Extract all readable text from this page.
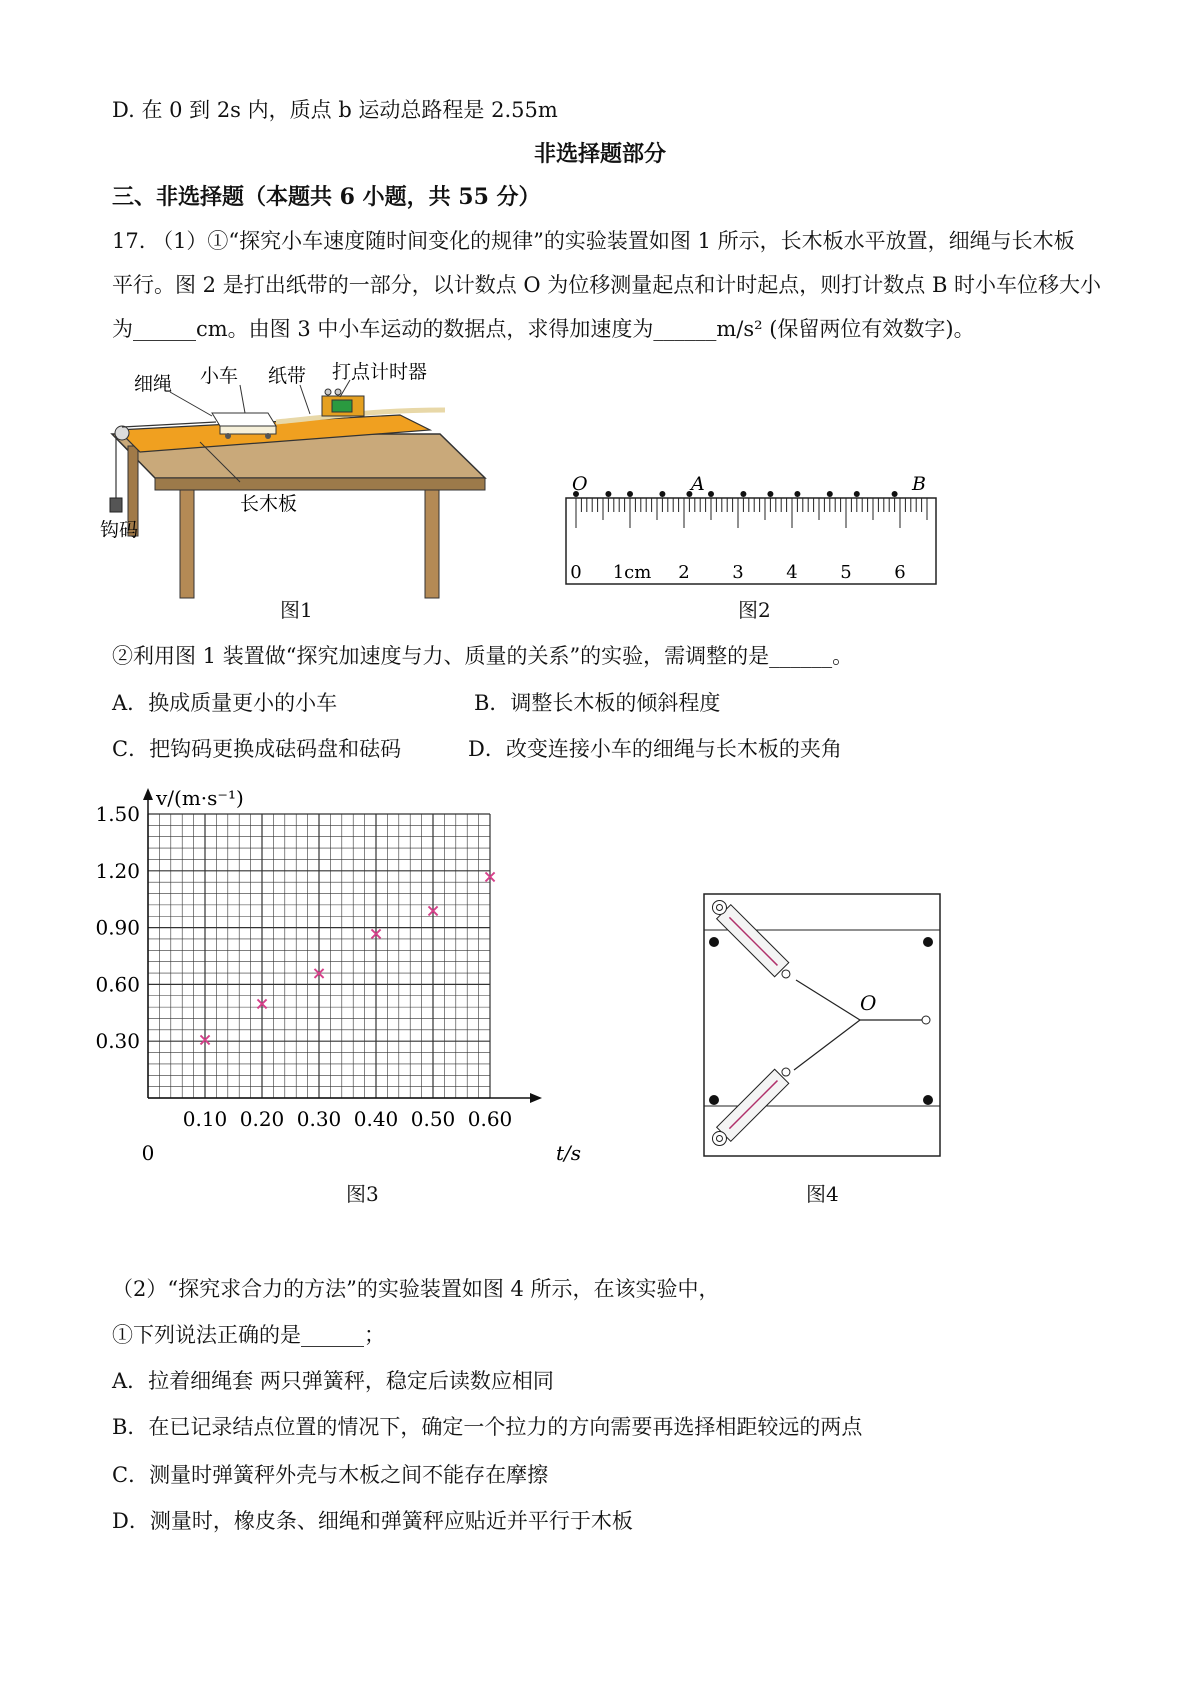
D. 在 0 到 2s 内，质点 b 运动总路程是 2.55m
非选择题部分
三、非选择题（本题共 6 小题，共 55 分）
17. （1）①“探究小车速度随时间变化的规律”的实验装置如图 1 所示，长木板水平放置，细绳与长木板
平行。图 2 是打出纸带的一部分，以计数点 O 为位移测量起点和计时起点，则打计数点 B 时小车位移大小
为______cm。由图 3 中小车运动的数据点，求得加速度为______m/s² (保留两位有效数字)。
细绳 小车 纸带 打点计时器
长木板
钩码
图1
O	A	B
0 1cm 2 3 4 5 6
图2
②利用图 1 装置做“探究加速度与力、质量的关系”的实验，需调整的是______。
A．换成质量更小的小车	B．调整长木板的倾斜程度
C．把钩码更换成砝码盘和砝码	D．改变连接小车的细绳与长木板的夹角
0.30
0.60
0.90
1.20
1.50
0.10 0.20 0.30 0.40 0.50 0.60
×
×
×
×
×
×
v/(m·s⁻¹)
t/s
0
图3
O
图4
（2）“探究求合力的方法”的实验装置如图 4 所示，在该实验中，
①下列说法正确的是______；
A．拉着细绳套 两只弹簧秤，稳定后读数应相同
B．在已记录结点位置的情况下，确定一个拉力的方向需要再选择相距较远的两点
C．测量时弹簧秤外壳与木板之间不能存在摩擦
D．测量时，橡皮条、细绳和弹簧秤应贴近并平行于木板
